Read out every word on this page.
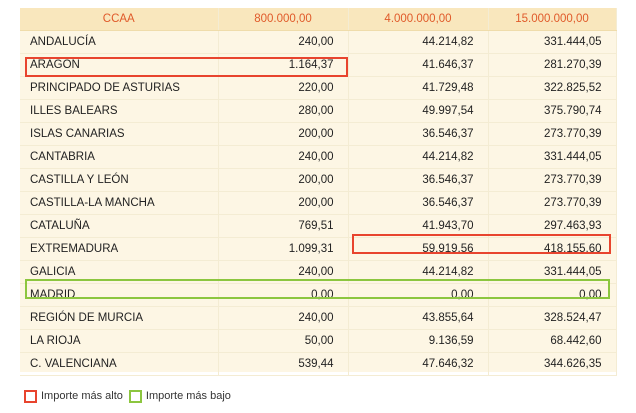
CCAA	800.000,00	4.000.000,00	15.000.000,00
ANDALUCÍA	240,00	44.214,82	331.444,05
ARAGÓN	1.164,37	41.646,37	281.270,39
PRINCIPADO DE ASTURIAS	220,00	41.729,48	322.825,52
ILLES BALEARS	280,00	49.997,54	375.790,74
ISLAS CANARIAS	200,00	36.546,37	273.770,39
CANTABRIA	240,00	44.214,82	331.444,05
CASTILLA Y LEÓN	200,00	36.546,37	273.770,39
CASTILLA-LA MANCHA	200,00	36.546,37	273.770,39
CATALUÑA	769,51	41.943,70	297.463,93
EXTREMADURA	1.099,31	59.919,56	418.155,60
GALICIA	240,00	44.214,82	331.444,05
MADRID	0,00	0,00	0,00
REGIÓN DE MURCIA	240,00	43.855,64	328.524,47
LA RIOJA	50,00	9.136,59	68.442,60
C. VALENCIANA	539,44	47.646,32	344.626,35
Importe más alto Importe más bajo
